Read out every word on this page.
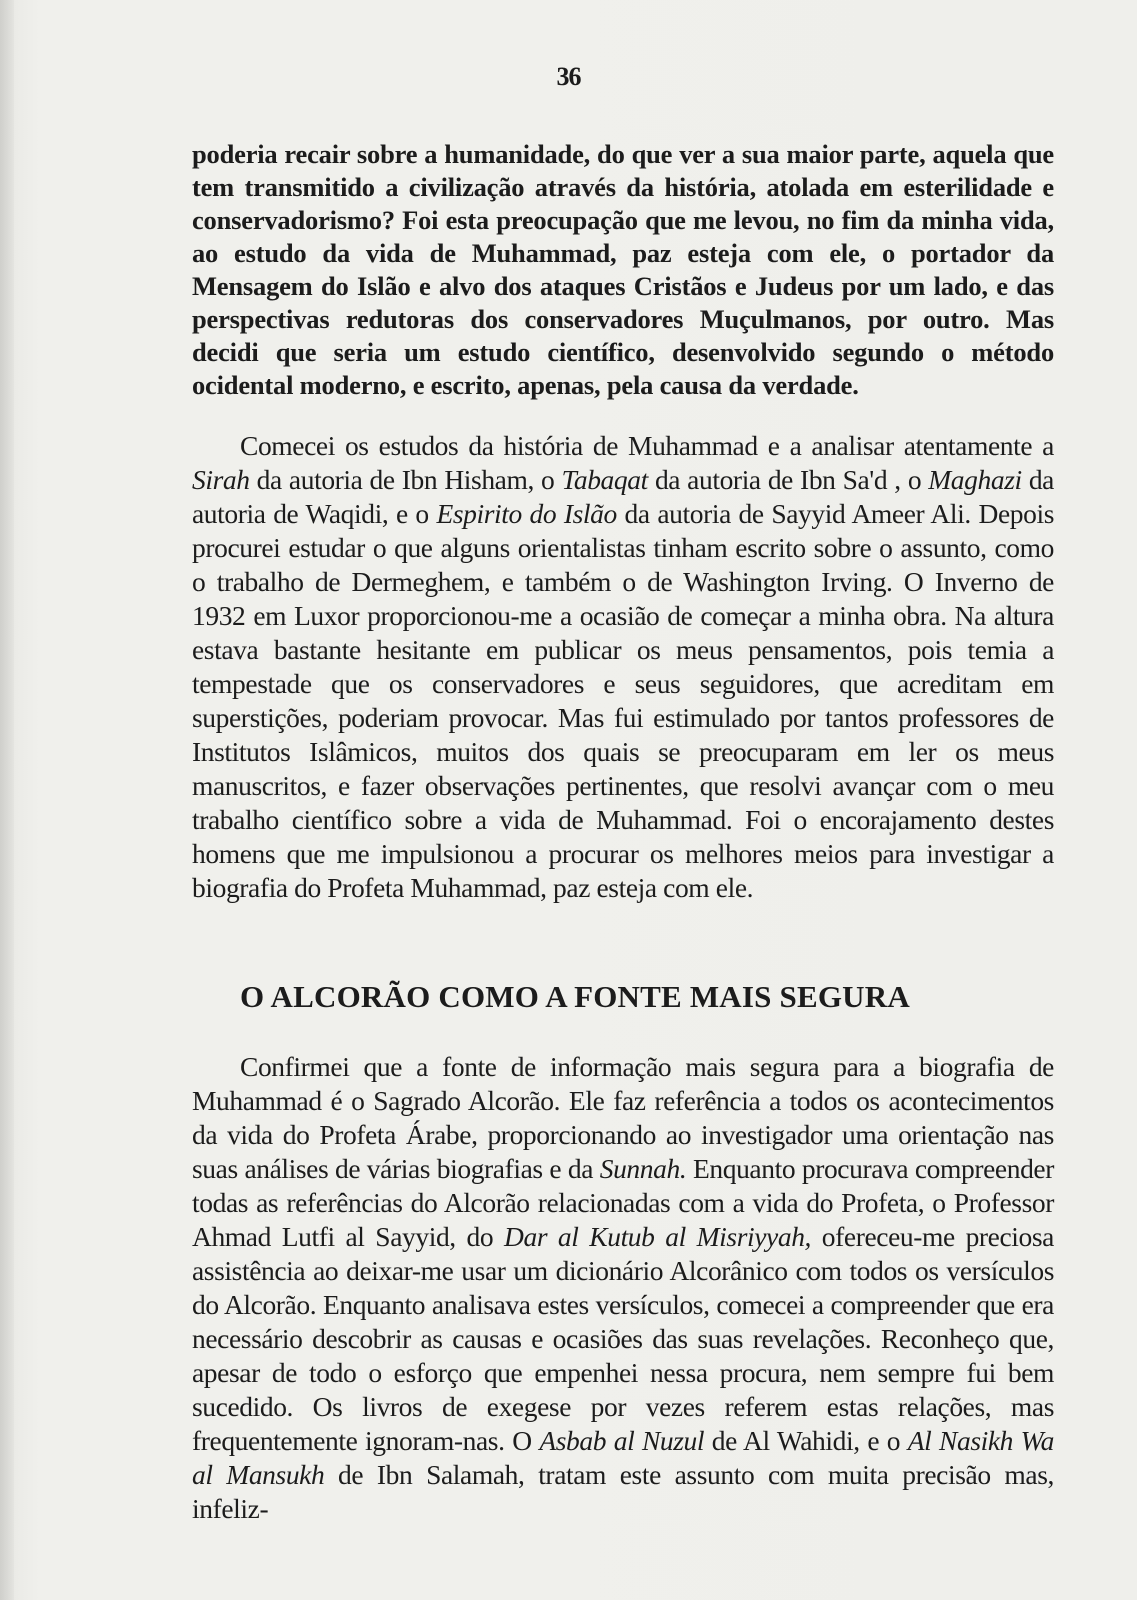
36

poderia recair sobre a humanidade, do que ver a sua maior parte, aquela que tem transmitido a civilização através da história, atolada em esterilidade e conservadorismo? Foi esta preocupação que me levou, no fim da minha vida, ao estudo da vida de Muhammad, paz esteja com ele, o portador da Mensagem do Islão e alvo dos ataques Cristãos e Judeus por um lado, e das perspectivas redutoras dos conservadores Muçulmanos, por outro. Mas decidi que seria um estudo científico, desenvolvido segundo o método ocidental moderno, e escrito, apenas, pela causa da verdade.

Comecei os estudos da história de Muhammad e a analisar atentamente a Sirah da autoria de Ibn Hisham, o Tabaqat da autoria de Ibn Sa'd , o Maghazi da autoria de Waqidi, e o Espirito do Islão da autoria de Sayyid Ameer Ali. Depois procurei estudar o que alguns orientalistas tinham escrito sobre o assunto, como o trabalho de Dermeghem, e também o de Washington Irving. O Inverno de 1932 em Luxor proporcionou-me a ocasião de começar a minha obra. Na altura estava bastante hesitante em publicar os meus pensamentos, pois temia a tempestade que os conservadores e seus seguidores, que acreditam em superstições, poderiam provocar. Mas fui estimulado por tantos professores de Institutos Islâmicos, muitos dos quais se preocuparam em ler os meus manuscritos, e fazer observações pertinentes, que resolvi avançar com o meu trabalho científico sobre a vida de Muhammad. Foi o encorajamento destes homens que me impulsionou a procurar os melhores meios para investigar a biografia do Profeta Muhammad, paz esteja com ele.

O ALCORÃO COMO A FONTE MAIS SEGURA

Confirmei que a fonte de informação mais segura para a biografia de Muhammad é o Sagrado Alcorão. Ele faz referência a todos os acontecimentos da vida do Profeta Árabe, proporcionando ao investigador uma orientação nas suas análises de várias biografias e da Sunnah. Enquanto procurava compreender todas as referências do Alcorão relacionadas com a vida do Profeta, o Professor Ahmad Lutfi al Sayyid, do Dar al Kutub al Misriyyah, ofereceu-me preciosa assistência ao deixar-me usar um dicionário Alcorânico com todos os versículos do Alcorão. Enquanto analisava estes versículos, comecei a compreender que era necessário descobrir as causas e ocasiões das suas revelações. Reconheço que, apesar de todo o esforço que empenhei nessa procura, nem sempre fui bem sucedido. Os livros de exegese por vezes referem estas relações, mas frequentemente ignoram-nas. O Asbab al Nuzul de Al Wahidi, e o Al Nasikh Wa al Mansukh de Ibn Salamah, tratam este assunto com muita precisão mas, infeliz-
